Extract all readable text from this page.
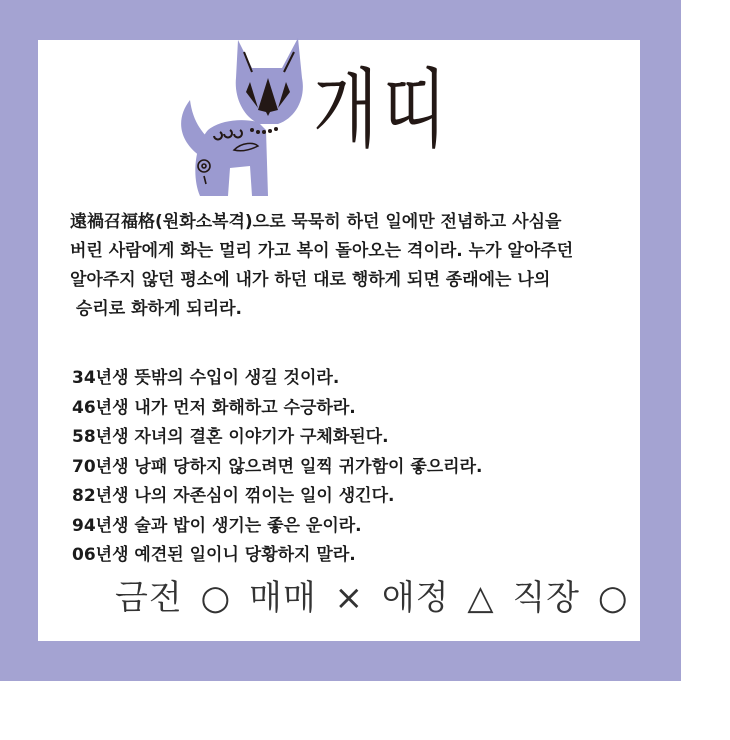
개띠
遠禍召福格(원화소복격)으로 묵묵히 하던 일에만 전념하고 사심을
버린 사람에게 화는 멀리 가고 복이 돌아오는 격이라. 누가 알아주던
알아주지 않던 평소에 내가 하던 대로 행하게 되면 종래에는 나의
승리로 화하게 되리라.
34년생 뜻밖의 수입이 생길 것이라.
46년생 내가 먼저 화해하고 수긍하라.
58년생 자녀의 결혼 이야기가 구체화된다.
70년생 낭패 당하지 않으려면 일찍 귀가함이 좋으리라.
82년생 나의 자존심이 꺾이는 일이 생긴다.
94년생 술과 밥이 생기는 좋은 운이라.
06년생 예견된 일이니 당황하지 말라.
금전 ○ 매매 × 애정 △ 직장 ○
